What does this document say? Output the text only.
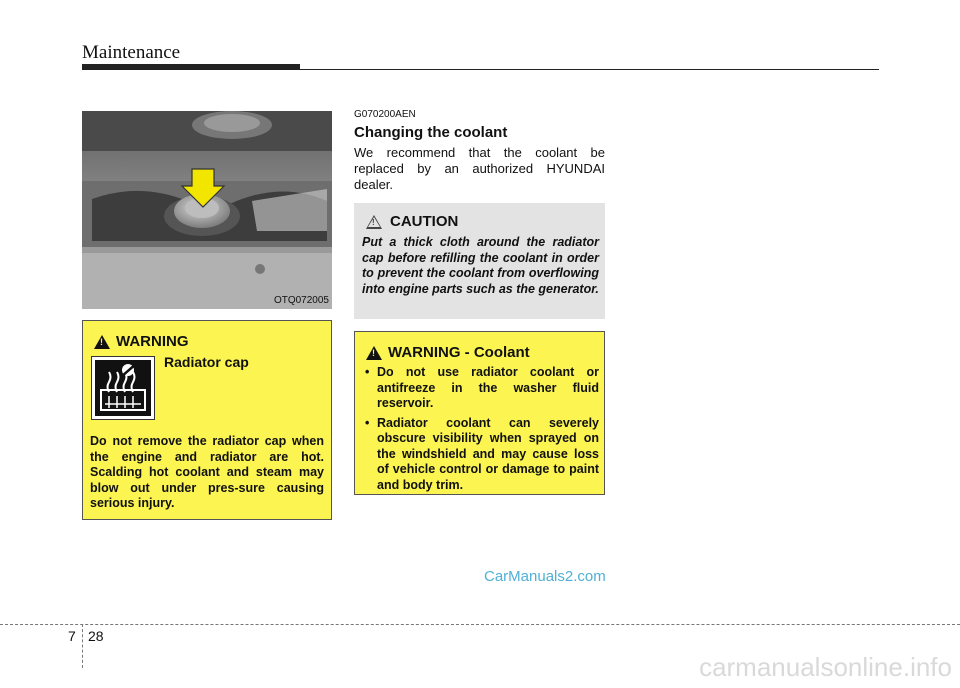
Maintenance
OTQ072005
!
WARNING
Radiator cap
Do not remove the radiator cap when the engine and radiator are hot. Scalding hot coolant and steam may blow out under pres-sure causing serious injury.
G070200AEN
Changing the coolant
We recommend that the coolant be replaced by an authorized HYUNDAI dealer.
!
CAUTION
Put a thick cloth around the radiator cap before refilling the coolant in order to prevent the coolant from overflowing into engine parts such as the generator.
!
WARNING - Coolant
• Do not use radiator coolant or antifreeze in the washer fluid reservoir.
• Radiator coolant can severely obscure visibility when sprayed on the windshield and may cause loss of vehicle control or damage to paint and body trim.
CarManuals2.com
7 28
carmanualsonline.info
